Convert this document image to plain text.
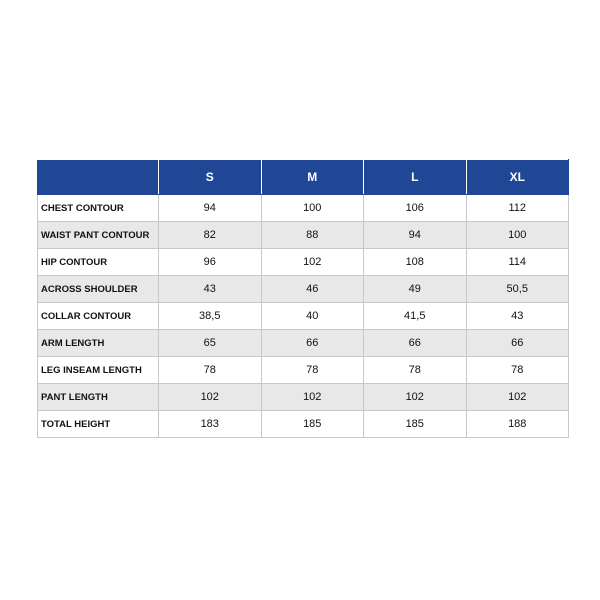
	S	M	L	XL
CHEST CONTOUR	94	100	106	112
WAIST PANT CONTOUR	82	88	94	100
HIP CONTOUR	96	102	108	114
ACROSS SHOULDER	43	46	49	50,5
COLLAR CONTOUR	38,5	40	41,5	43
ARM LENGTH	65	66	66	66
LEG INSEAM LENGTH	78	78	78	78
PANT LENGTH	102	102	102	102
TOTAL HEIGHT	183	185	185	188
